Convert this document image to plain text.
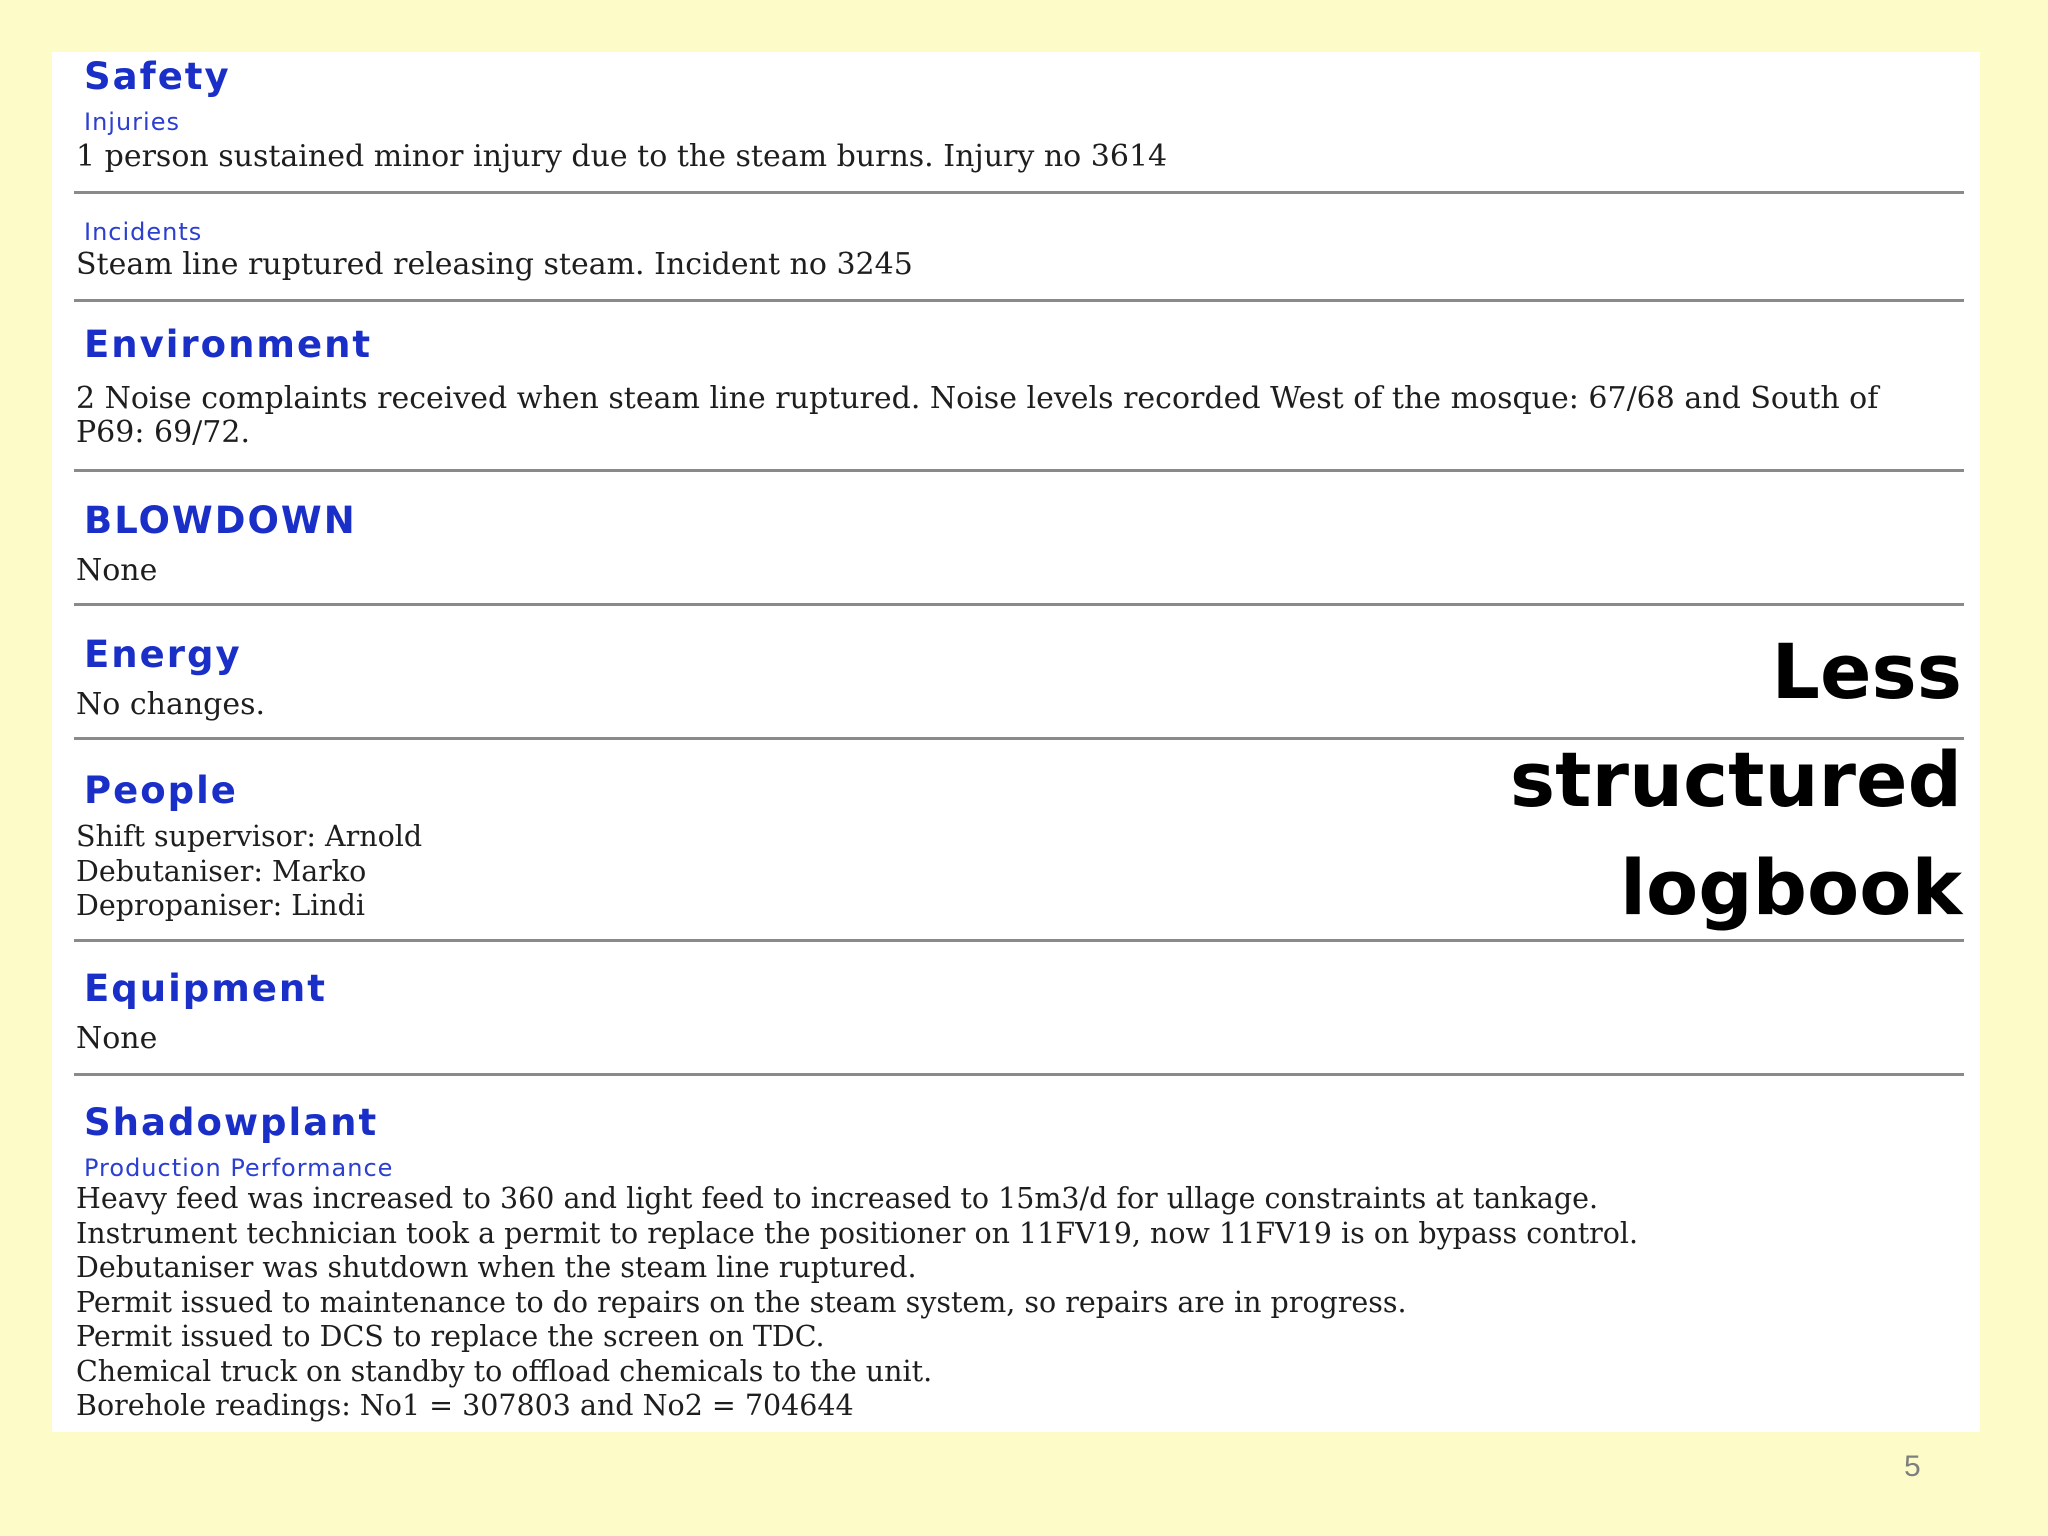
Safety
Injuries
1 person sustained minor injury due to the steam burns. Injury no 3614
Incidents
Steam line ruptured releasing steam. Incident no 3245
Environment
2 Noise complaints received when steam line ruptured. Noise levels recorded West of the mosque: 67/68 and South of P69: 69/72.
BLOWDOWN
None
Energy
No changes.
People
Shift supervisor: Arnold
Debutaniser: Marko
Depropaniser: Lindi
Equipment
None
Shadowplant
Production Performance
Heavy feed was increased to 360 and light feed to increased to 15m3/d for ullage constraints at tankage.
Instrument technician took a permit to replace the positioner on 11FV19, now 11FV19 is on bypass control.
Debutaniser was shutdown when the steam line ruptured.
Permit issued to maintenance to do repairs on the steam system, so repairs are in progress.
Permit issued to DCS to replace the screen on TDC.
Chemical truck on standby to offload chemicals to the unit.
Borehole readings: No1 = 307803 and No2 = 704644
Less
structured
logbook
5
